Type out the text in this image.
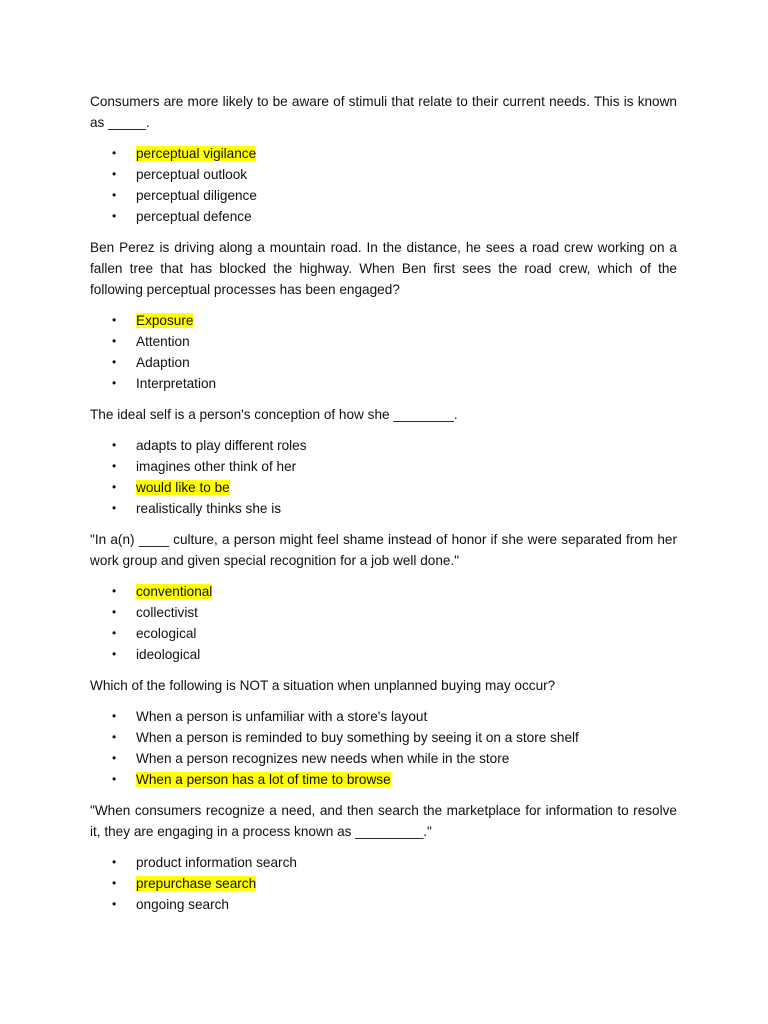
Consumers are more likely to be aware of stimuli that relate to their current needs. This is known as _____.

• perceptual vigilance
• perceptual outlook
• perceptual diligence
• perceptual defence

Ben Perez is driving along a mountain road. In the distance, he sees a road crew working on a fallen tree that has blocked the highway. When Ben first sees the road crew, which of the following perceptual processes has been engaged?

• Exposure
• Attention
• Adaption
• Interpretation

The ideal self is a person's conception of how she ________.

• adapts to play different roles
• imagines other think of her
• would like to be
• realistically thinks she is

"In a(n) ____ culture, a person might feel shame instead of honor if she were separated from her work group and given special recognition for a job well done."

• conventional
• collectivist
• ecological
• ideological

Which of the following is NOT a situation when unplanned buying may occur?

• When a person is unfamiliar with a store's layout
• When a person is reminded to buy something by seeing it on a store shelf
• When a person recognizes new needs when while in the store
• When a person has a lot of time to browse

"When consumers recognize a need, and then search the marketplace for information to resolve it, they are engaging in a process known as _________."

• product information search
• prepurchase search
• ongoing search
